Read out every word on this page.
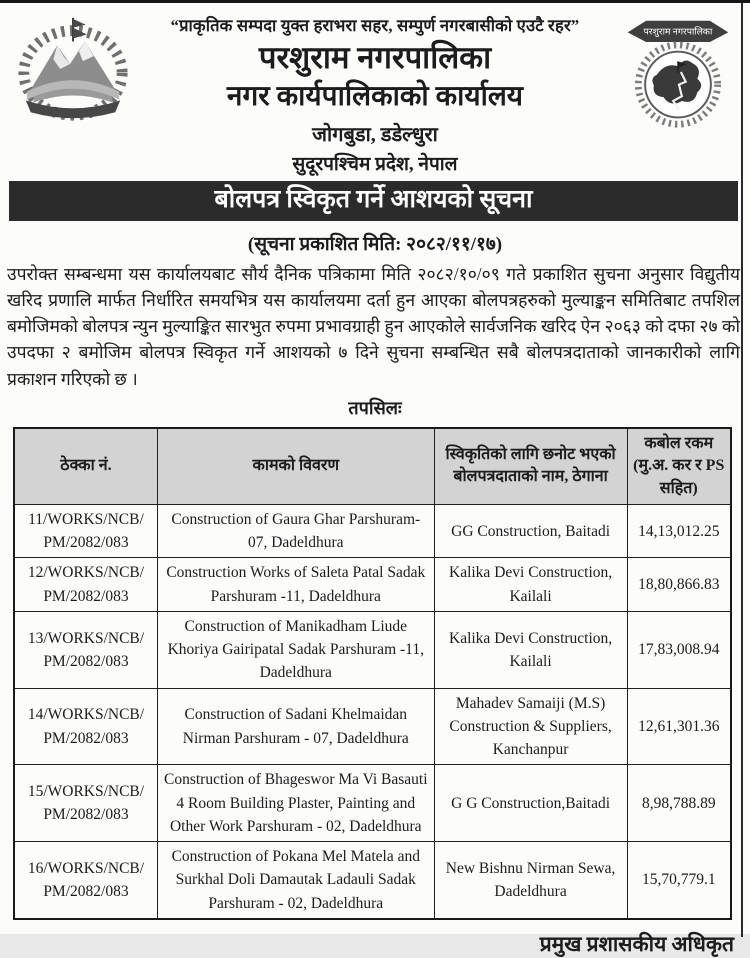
“प्राकृतिक सम्पदा युक्त हराभरा सहर, सम्पुर्ण नगरबासीको एउटै रहर”
परशुराम नगरपालिका
नगर कार्यपालिकाको कार्यालय
जोगबुडा, डडेल्धुरा
सुदूरपश्चिम प्रदेश, नेपाल
परशुराम नगरपालिका
बोलपत्र स्विकृत गर्ने आशयको सूचना
(सूचना प्रकाशित मिति: २०८२/११/१७)

उपरोक्त सम्बन्धमा यस कार्यालयबाट सौर्य दैनिक पत्रिकामा मिति २०८२/१०/०९ गते प्रकाशित सुचना अनुसार विद्युतीय खरिद प्रणालि मार्फत निर्धारित समयभित्र यस कार्यालयमा दर्ता हुन आएका बोलपत्रहरुको मुल्याङ्कन समितिबाट तपशिल बमोजिमको बोलपत्र न्युन मुल्याङ्कित सारभुत रुपमा प्रभावग्राही हुन आएकोले सार्वजनिक खरिद ऐन २०६३ को दफा २७ को उपदफा २ बमोजिम बोलपत्र स्विकृत गर्ने आशयको ७ दिने सुचना सम्बन्धित सबै बोलपत्रदाताको जानकारीको लागि प्रकाशन गरिएको छ ।

तपसिलः
ठेक्का नं.	कामको विवरण	स्विकृतिको लागि छनोट भएको बोलपत्रदाताको नाम, ठेगाना	कबोल रकम (मु.अ. कर र PS सहित)

11/WORKS/NCB/
PM/2082/083	Construction of Gaura Ghar Parshuram-07, Dadeldhura	GG Construction, Baitadi	14,13,012.25

12/WORKS/NCB/
PM/2082/083	Construction Works of Saleta Patal Sadak Parshuram -11, Dadeldhura	Kalika Devi Construction, Kailali	18,80,866.83

13/WORKS/NCB/
PM/2082/083	Construction of Manikadham Liude Khoriya Gairipatal Sadak Parshuram -11, Dadeldhura	Kalika Devi Construction, Kailali	17,83,008.94

14/WORKS/NCB/
PM/2082/083	Construction of Sadani Khelmaidan Nirman Parshuram - 07, Dadeldhura	Mahadev Samaiji (M.S) Construction & Suppliers, Kanchanpur	12,61,301.36

15/WORKS/NCB/
PM/2082/083	Construction of Bhageswor Ma Vi Basauti 4 Room Building Plaster, Painting and Other Work Parshuram - 02, Dadeldhura	G G Construction,Baitadi	8,98,788.89

16/WORKS/NCB/
PM/2082/083	Construction of Pokana Mel Matela and Surkhal Doli Damautak Ladauli Sadak Parshuram - 02, Dadeldhura	New Bishnu Nirman Sewa, Dadeldhura	15,70,779.1
प्रमुख प्रशासकीय अधिकृत
